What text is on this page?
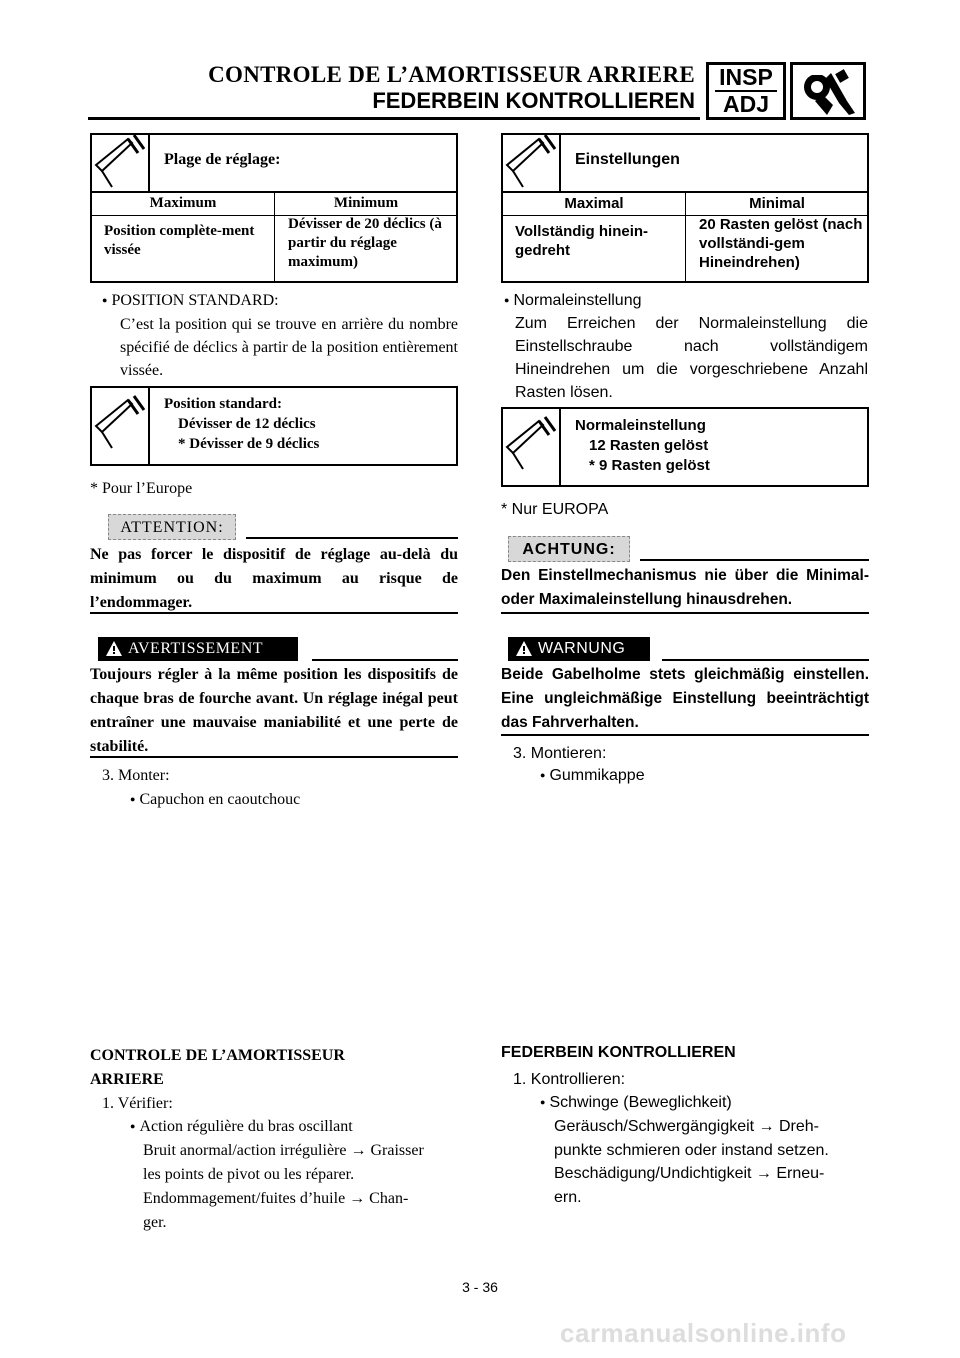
CONTROLE DE L’AMORTISSEUR ARRIERE
FEDERBEIN KONTROLLIEREN
INSP
ADJ
Plage de réglage:
Maximum	Minimum
Position complète-ment vissée
Dévisser de 20 déclics (à partir du réglage maximum)
● POSITION STANDARD:
C’est la position qui se trouve en arrière du nombre spécifié de déclics à partir de la position entièrement vissée.
Position standard:
Dévisser de 12 déclics
* Dévisser de 9 déclics
* Pour l’Europe
ATTENTION:
Ne pas forcer le dispositif de réglage au-delà du minimum ou du maximum au risque de l’endommager.
AVERTISSEMENT
Toujours régler à la même position les dispositifs de chaque bras de fourche avant. Un réglage inégal peut entraîner une mauvaise maniabilité et une perte de stabilité.
3. Monter:
● Capuchon en caoutchouc
CONTROLE DE L’AMORTISSEUR
ARRIERE
1. Vérifier:
● Action régulière du bras oscillant
Bruit anormal/action irrégulière → Graisser
les points de pivot ou les réparer.
Endommagement/fuites d’huile → Chan-
ger.
Einstellungen
Maximal	Minimal
Vollständig hinein-gedreht
20 Rasten gelöst (nach vollständi-gem Hineindrehen)
● Normaleinstellung
Zum Erreichen der Normaleinstellung die Einstellschraube nach vollständigem Hineindrehen um die vorgeschriebene Anzahl Rasten lösen.
Normaleinstellung
12 Rasten gelöst
* 9 Rasten gelöst
* Nur EUROPA
ACHTUNG:
Den Einstellmechanismus nie über die Minimal- oder Maximaleinstellung hinausdrehen.
WARNUNG
Beide Gabelholme stets gleichmäßig einstellen. Eine ungleichmäßige Einstellung beeinträchtigt das Fahrverhalten.
3. Montieren:
● Gummikappe
FEDERBEIN KONTROLLIEREN
1. Kontrollieren:
● Schwinge (Beweglichkeit)
Geräusch/Schwergängigkeit → Dreh-
punkte schmieren oder instand setzen.
Beschädigung/Undichtigkeit → Erneu-
ern.
3 - 36
carmanualsonline.info
